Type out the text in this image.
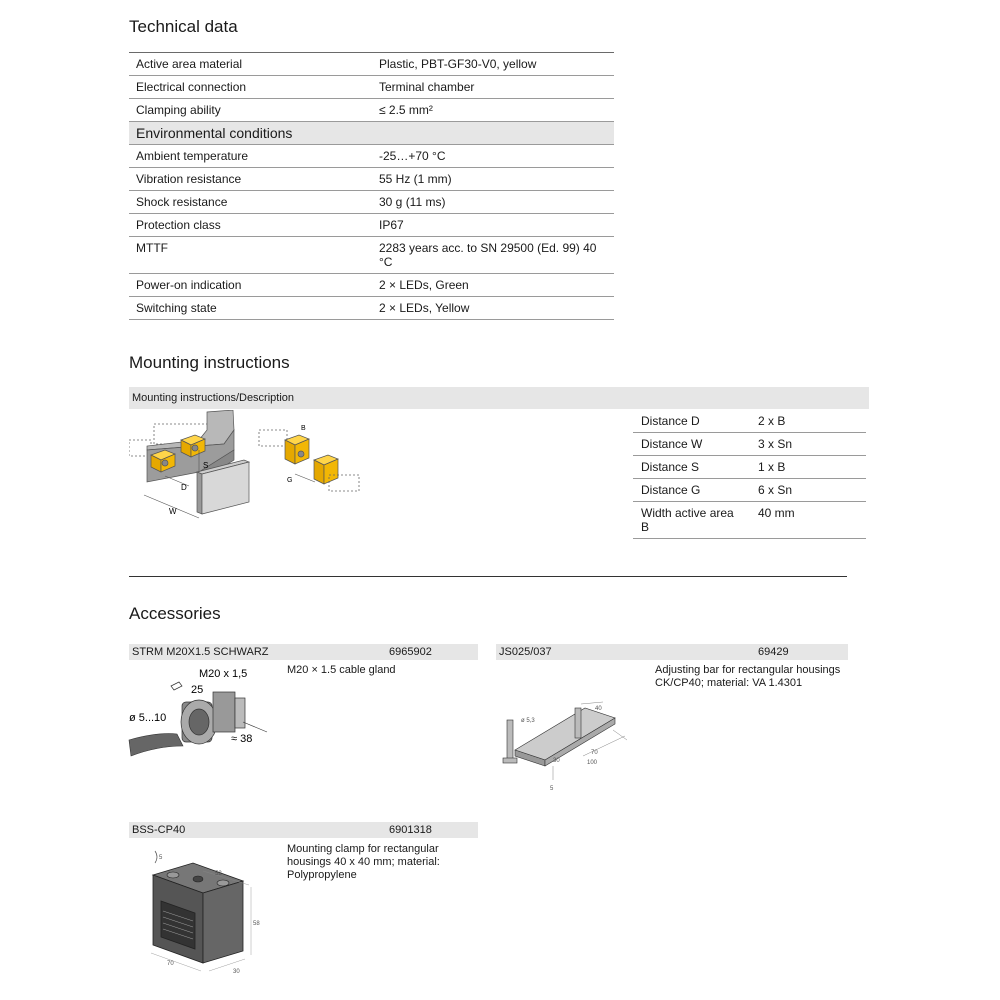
Technical data
Active area material	Plastic, PBT-GF30-V0, yellow
Electrical connection	Terminal chamber
Clamping ability	≤ 2.5 mm²
Environmental conditions	
Ambient temperature	-25…+70 °C
Vibration resistance	55 Hz (1 mm)
Shock resistance	30 g (11 ms)
Protection class	IP67
MTTF	2283 years acc. to SN 29500 (Ed. 99) 40 °C
Power-on indication	2 × LEDs, Green
Switching state	2 × LEDs, Yellow
Mounting instructions
Mounting instructions/Description
S
D
W
B
G
Distance D	2 x B
Distance W	3 x Sn
Distance S	1 x B
Distance G	6 x Sn
Width active area B	40 mm
Accessories
STRM M20X1.5 SCHWARZ	6965902
M20 × 1.5 cable gland
M20 x 1,5
25
ø 5...10
≈ 38
JS025/037	69429
Adjusting bar for rectangular housings CK/CP40; material: VA 1.4301
ø 5,3
40
70
100
30
5
BSS-CP40	6901318
Mounting clamp for rectangular housings 40 x 40 mm; material: Polypropylene
5
52
58
70
30
